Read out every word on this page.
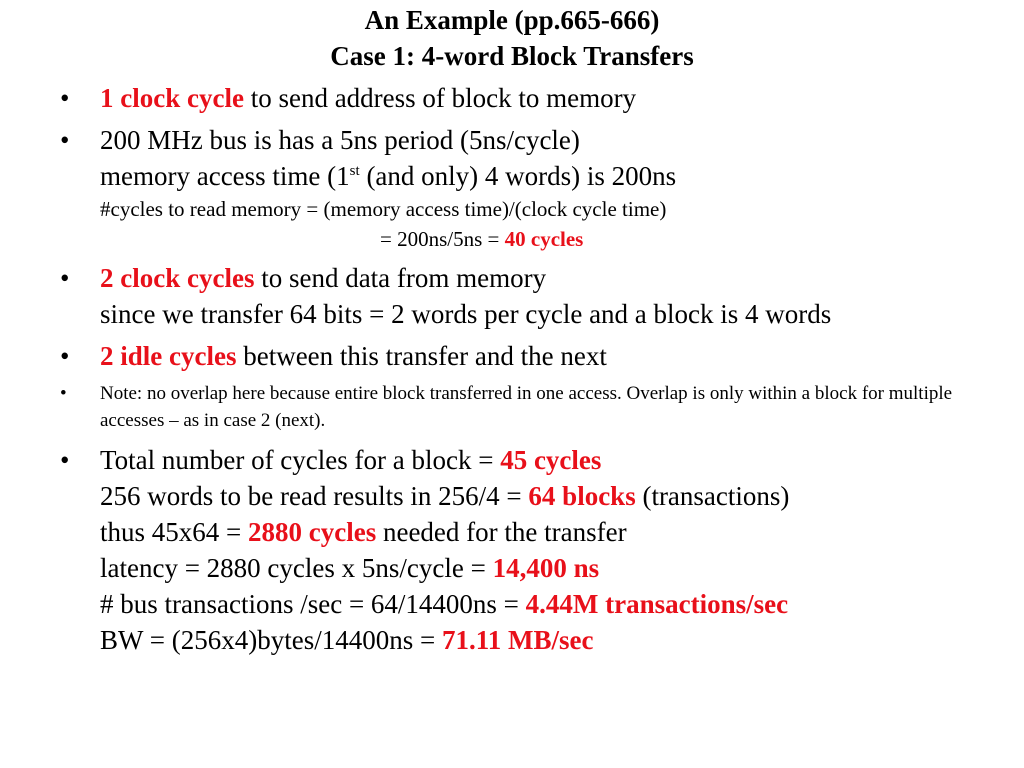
An Example (pp.665-666)
Case 1: 4-word Block Transfers
• 1 clock cycle to send address of block to memory
• 200 MHz bus is has a 5ns period (5ns/cycle)
memory access time (1st (and only) 4 words) is 200ns
#cycles to read memory = (memory access time)/(clock cycle time)
= 200ns/5ns = 40 cycles
• 2 clock cycles to send data from memory
since we transfer 64 bits = 2 words per cycle and a block is 4 words
• 2 idle cycles between this transfer and the next
• Note: no overlap here because entire block transferred in one access. Overlap is only within a block for multiple accesses – as in case 2 (next).
• Total number of cycles for a block = 45 cycles
256 words to be read results in 256/4 = 64 blocks (transactions)
thus 45x64 = 2880 cycles needed for the transfer
latency = 2880 cycles x 5ns/cycle = 14,400 ns
# bus transactions /sec = 64/14400ns = 4.44M transactions/sec
BW = (256x4)bytes/14400ns = 71.11 MB/sec
